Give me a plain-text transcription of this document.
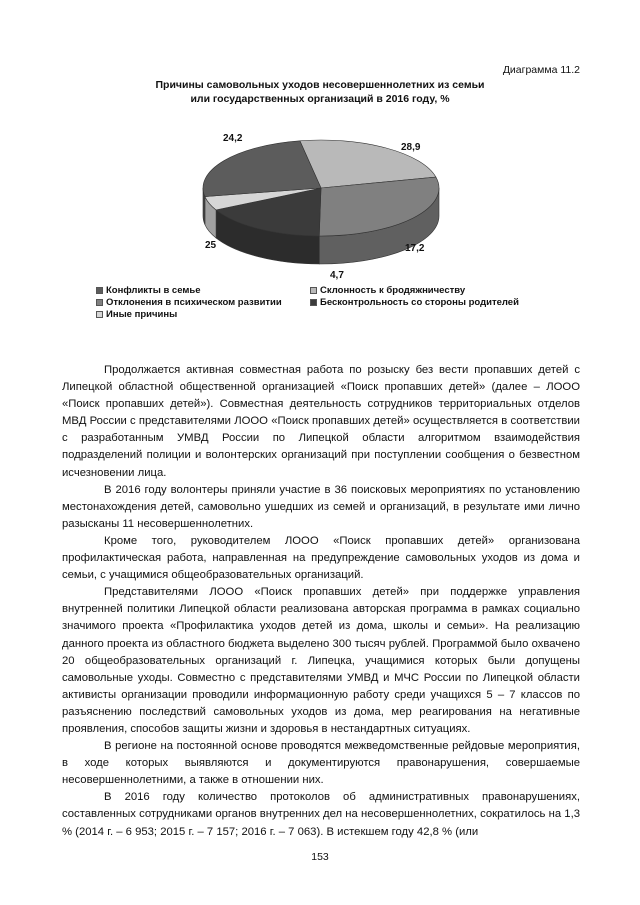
Диаграмма 11.2
Причины самовольных уходов несовершеннолетних из семьи
или государственных организаций в 2016 году, %
24,2
28,9
25	17,2
4,7
Конфликты в семье	Склонность к бродяжничеству
Отклонения в психическом развитии	Бесконтрольность со стороны родителей
Иные причины

Продолжается активная совместная работа по розыску без вести пропавших детей с Липецкой областной общественной организацией «Поиск пропавших детей» (далее – ЛООО «Поиск пропавших детей»). Совместная деятельность сотрудников территориальных отделов МВД России с представителями ЛООО «Поиск пропавших детей» осуществляется в соответствии с разработанным УМВД России по Липецкой области алгоритмом взаимодействия подразделений полиции и волонтерских организаций при поступлении сообщения о безвестном исчезновении лица.

В 2016 году волонтеры приняли участие в 36 поисковых мероприятиях по установлению местонахождения детей, самовольно ушедших из семей и организаций, в результате ими лично разысканы 11 несовершеннолетних.

Кроме того, руководителем ЛООО «Поиск пропавших детей» организована профилактическая работа, направленная на предупреждение самовольных уходов из дома и семьи, с учащимися общеобразовательных организаций.

Представителями ЛООО «Поиск пропавших детей» при поддержке управления внутренней политики Липецкой области реализована авторская программа в рамках социально значимого проекта «Профилактика уходов детей из дома, школы и семьи». На реализацию данного проекта из областного бюджета выделено 300 тысяч рублей. Программой было охвачено 20 общеобразовательных организаций г. Липецка, учащимися которых были допущены самовольные уходы. Совместно с представителями УМВД и МЧС России по Липецкой области активисты организации проводили информационную работу среди учащихся 5 – 7 классов по разъяснению последствий самовольных уходов из дома, мер реагирования на негативные проявления, способов защиты жизни и здоровья в нестандартных ситуациях.

В регионе на постоянной основе проводятся межведомственные рейдовые мероприятия, в ходе которых выявляются и документируются правонарушения, совершаемые несовершеннолетними, а также в отношении них.

В 2016 году количество протоколов об административных правонарушениях, составленных сотрудниками органов внутренних дел на несовершеннолетних, сократилось на 1,3 % (2014 г. – 6 953; 2015 г. – 7 157; 2016 г. – 7 063). В истекшем году 42,8 % (или

153
